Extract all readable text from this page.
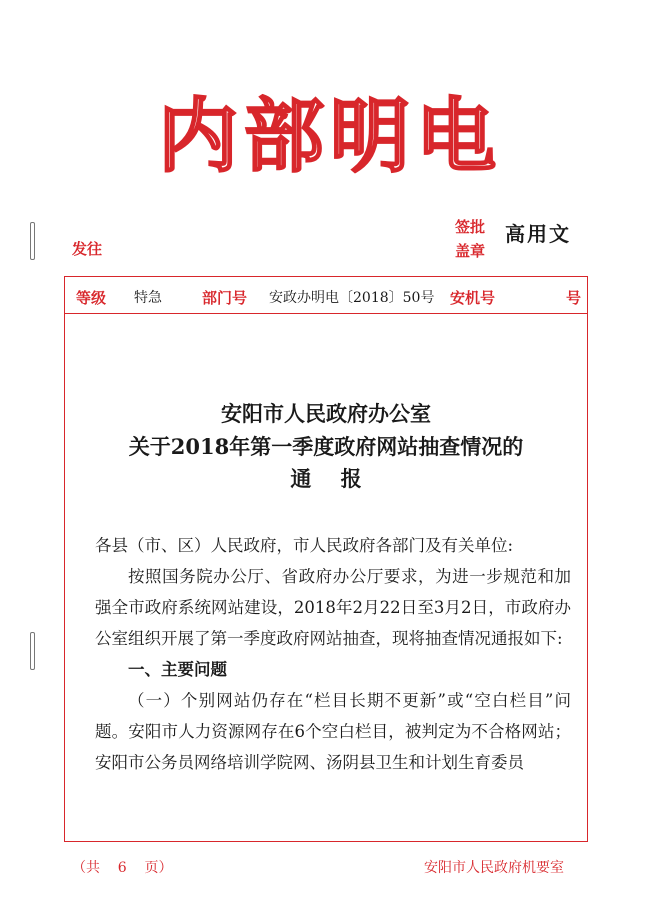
内部明电
发往
签批
盖章
高用文
等级 特急	部门号 安政办明电〔2018〕50号 安机号	号
安阳市人民政府办公室
关于2018年第一季度政府网站抽查情况的
通    报

各县（市、区）人民政府，市人民政府各部门及有关单位:

按照国务院办公厅、省政府办公厅要求，为进一步规范和加强全市政府系统网站建设，2018年2月22日至3月2日，市政府办公室组织开展了第一季度政府网站抽查，现将抽查情况通报如下:

一、主要问题

（一）个别网站仍存在“栏目长期不更新”或“空白栏目”问题。安阳市人力资源网存在6个空白栏目，被判定为不合格网站；安阳市公务员网络培训学院网、汤阴县卫生和计划生育委员

（共    6    页）	安阳市人民政府机要室
